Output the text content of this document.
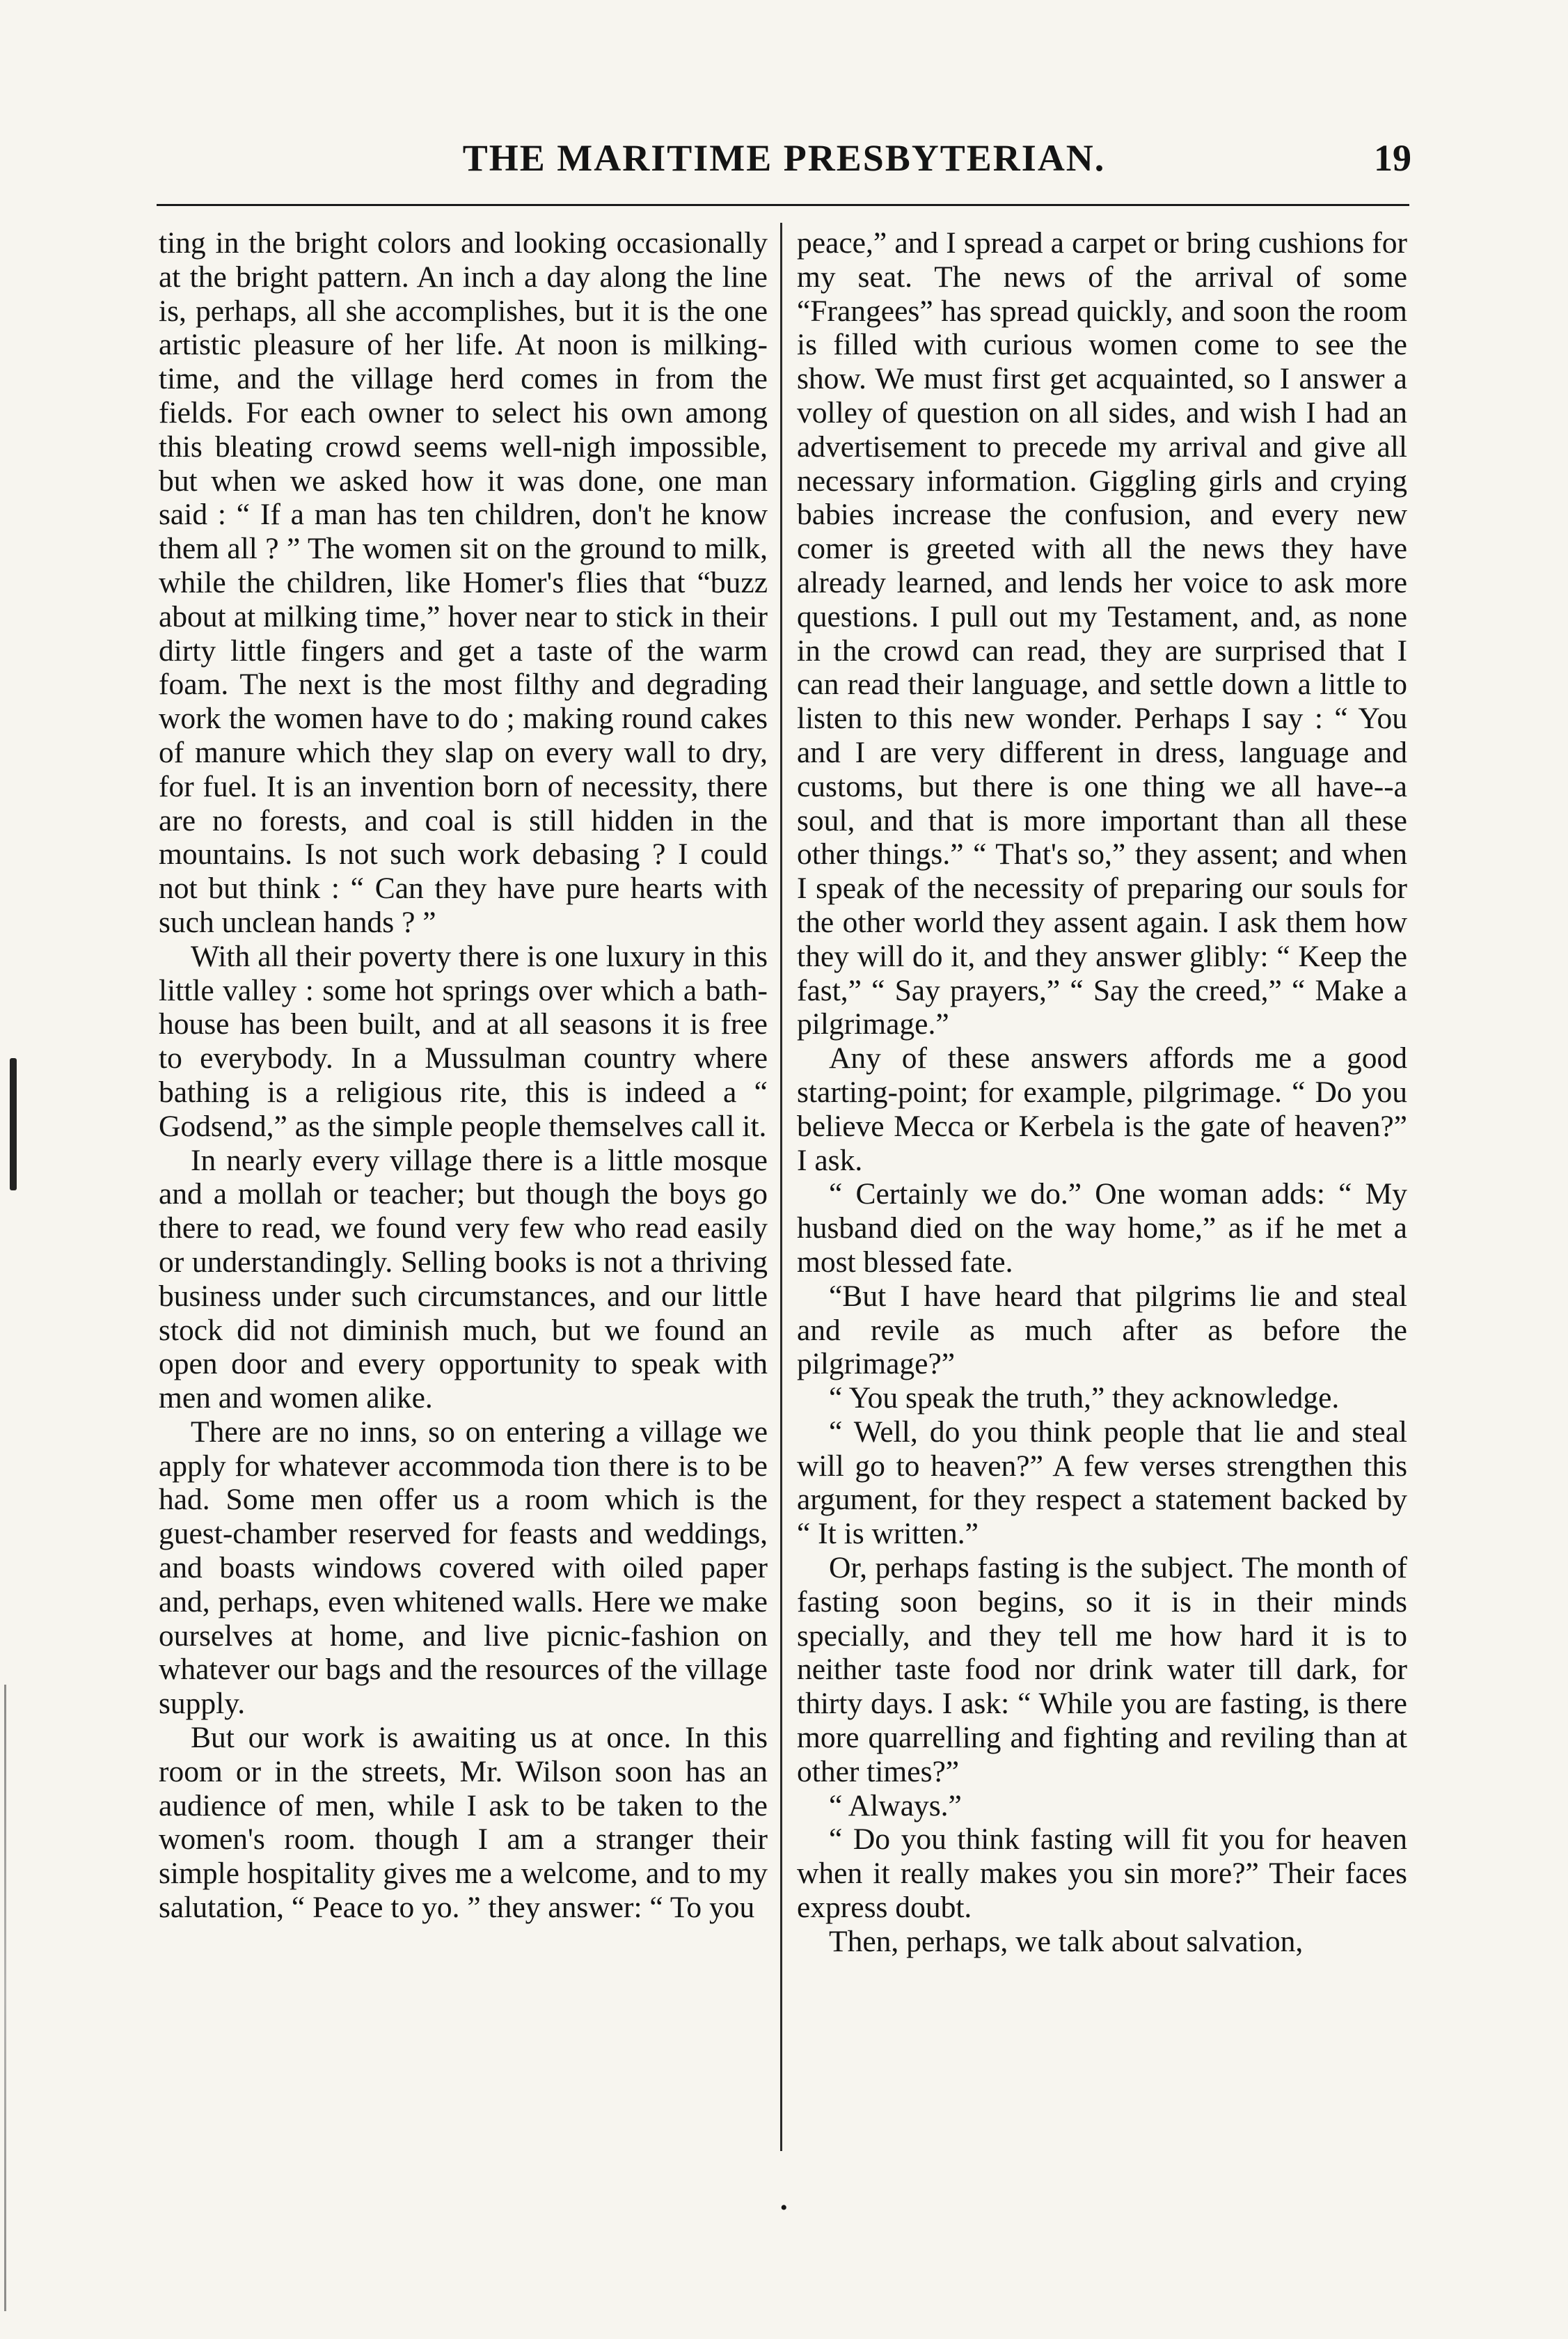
THE MARITIME PRESBYTERIAN.	19

ting in the bright colors and looking occasionally at the bright pattern. An inch a day along the line is, perhaps, all she accomplishes, but it is the one artistic pleasure of her life. At noon is milking-time, and the village herd comes in from the fields. For each owner to select his own among this bleating crowd seems well-nigh impossible, but when we asked how it was done, one man said : “ If a man has ten children, don't he know them all ? ” The women sit on the ground to milk, while the children, like Homer's flies that “buzz about at milking time,” hover near to stick in their dirty little fingers and get a taste of the warm foam. The next is the most filthy and degrading work the women have to do ; making round cakes of manure which they slap on every wall to dry, for fuel. It is an invention born of necessity, there are no forests, and coal is still hidden in the mountains. Is not such work debasing ? I could not but think : “ Can they have pure hearts with such unclean hands ? ”

With all their poverty there is one luxury in this little valley : some hot springs over which a bath-house has been built, and at all seasons it is free to everybody. In a Mussulman country where bathing is a religious rite, this is indeed a “ Godsend,” as the simple people themselves call it.

In nearly every village there is a little mosque and a mollah or teacher; but though the boys go there to read, we found very few who read easily or understandingly. Selling books is not a thriving business under such circumstances, and our little stock did not diminish much, but we found an open door and every opportunity to speak with men and women alike.

There are no inns, so on entering a village we apply for whatever accommoda tion there is to be had. Some men offer us a room which is the guest-chamber reserved for feasts and weddings, and boasts windows covered with oiled paper and, perhaps, even whitened walls. Here we make ourselves at home, and live picnic-fashion on whatever our bags and the resources of the village supply.

But our work is awaiting us at once. In this room or in the streets, Mr. Wilson soon has an audience of men, while I ask to be taken to the women's room. though I am a stranger their simple hospitality gives me a welcome, and to my salutation, “ Peace to yo. ” they answer: “ To you

peace,” and I spread a carpet or bring cushions for my seat. The news of the arrival of some “Frangees” has spread quickly, and soon the room is filled with curious women come to see the show. We must first get acquainted, so I answer a volley of question on all sides, and wish I had an advertisement to precede my arrival and give all necessary information. Giggling girls and crying babies increase the confusion, and every new comer is greeted with all the news they have already learned, and lends her voice to ask more questions. I pull out my Testament, and, as none in the crowd can read, they are surprised that I can read their language, and settle down a little to listen to this new wonder. Perhaps I say : “ You and I are very different in dress, language and customs, but there is one thing we all have--a soul, and that is more important than all these other things.” “ That's so,” they assent; and when I speak of the necessity of preparing our souls for the other world they assent again. I ask them how they will do it, and they answer glibly: “ Keep the fast,” “ Say prayers,” “ Say the creed,” “ Make a pilgrimage.”

Any of these answers affords me a good starting-point; for example, pilgrimage. “ Do you believe Mecca or Kerbela is the gate of heaven?” I ask.

“ Certainly we do.” One woman adds: “ My husband died on the way home,” as if he met a most blessed fate.

“But I have heard that pilgrims lie and steal and revile as much after as before the pilgrimage?”

“ You speak the truth,” they acknowledge.

“ Well, do you think people that lie and steal will go to heaven?” A few verses strengthen this argument, for they respect a statement backed by “ It is written.”

Or, perhaps fasting is the subject. The month of fasting soon begins, so it is in their minds specially, and they tell me how hard it is to neither taste food nor drink water till dark, for thirty days. I ask: “ While you are fasting, is there more quarrelling and fighting and reviling than at other times?”

“ Always.”

“ Do you think fasting will fit you for heaven when it really makes you sin more?” Their faces express doubt.

Then, perhaps, we talk about salvation,

•
